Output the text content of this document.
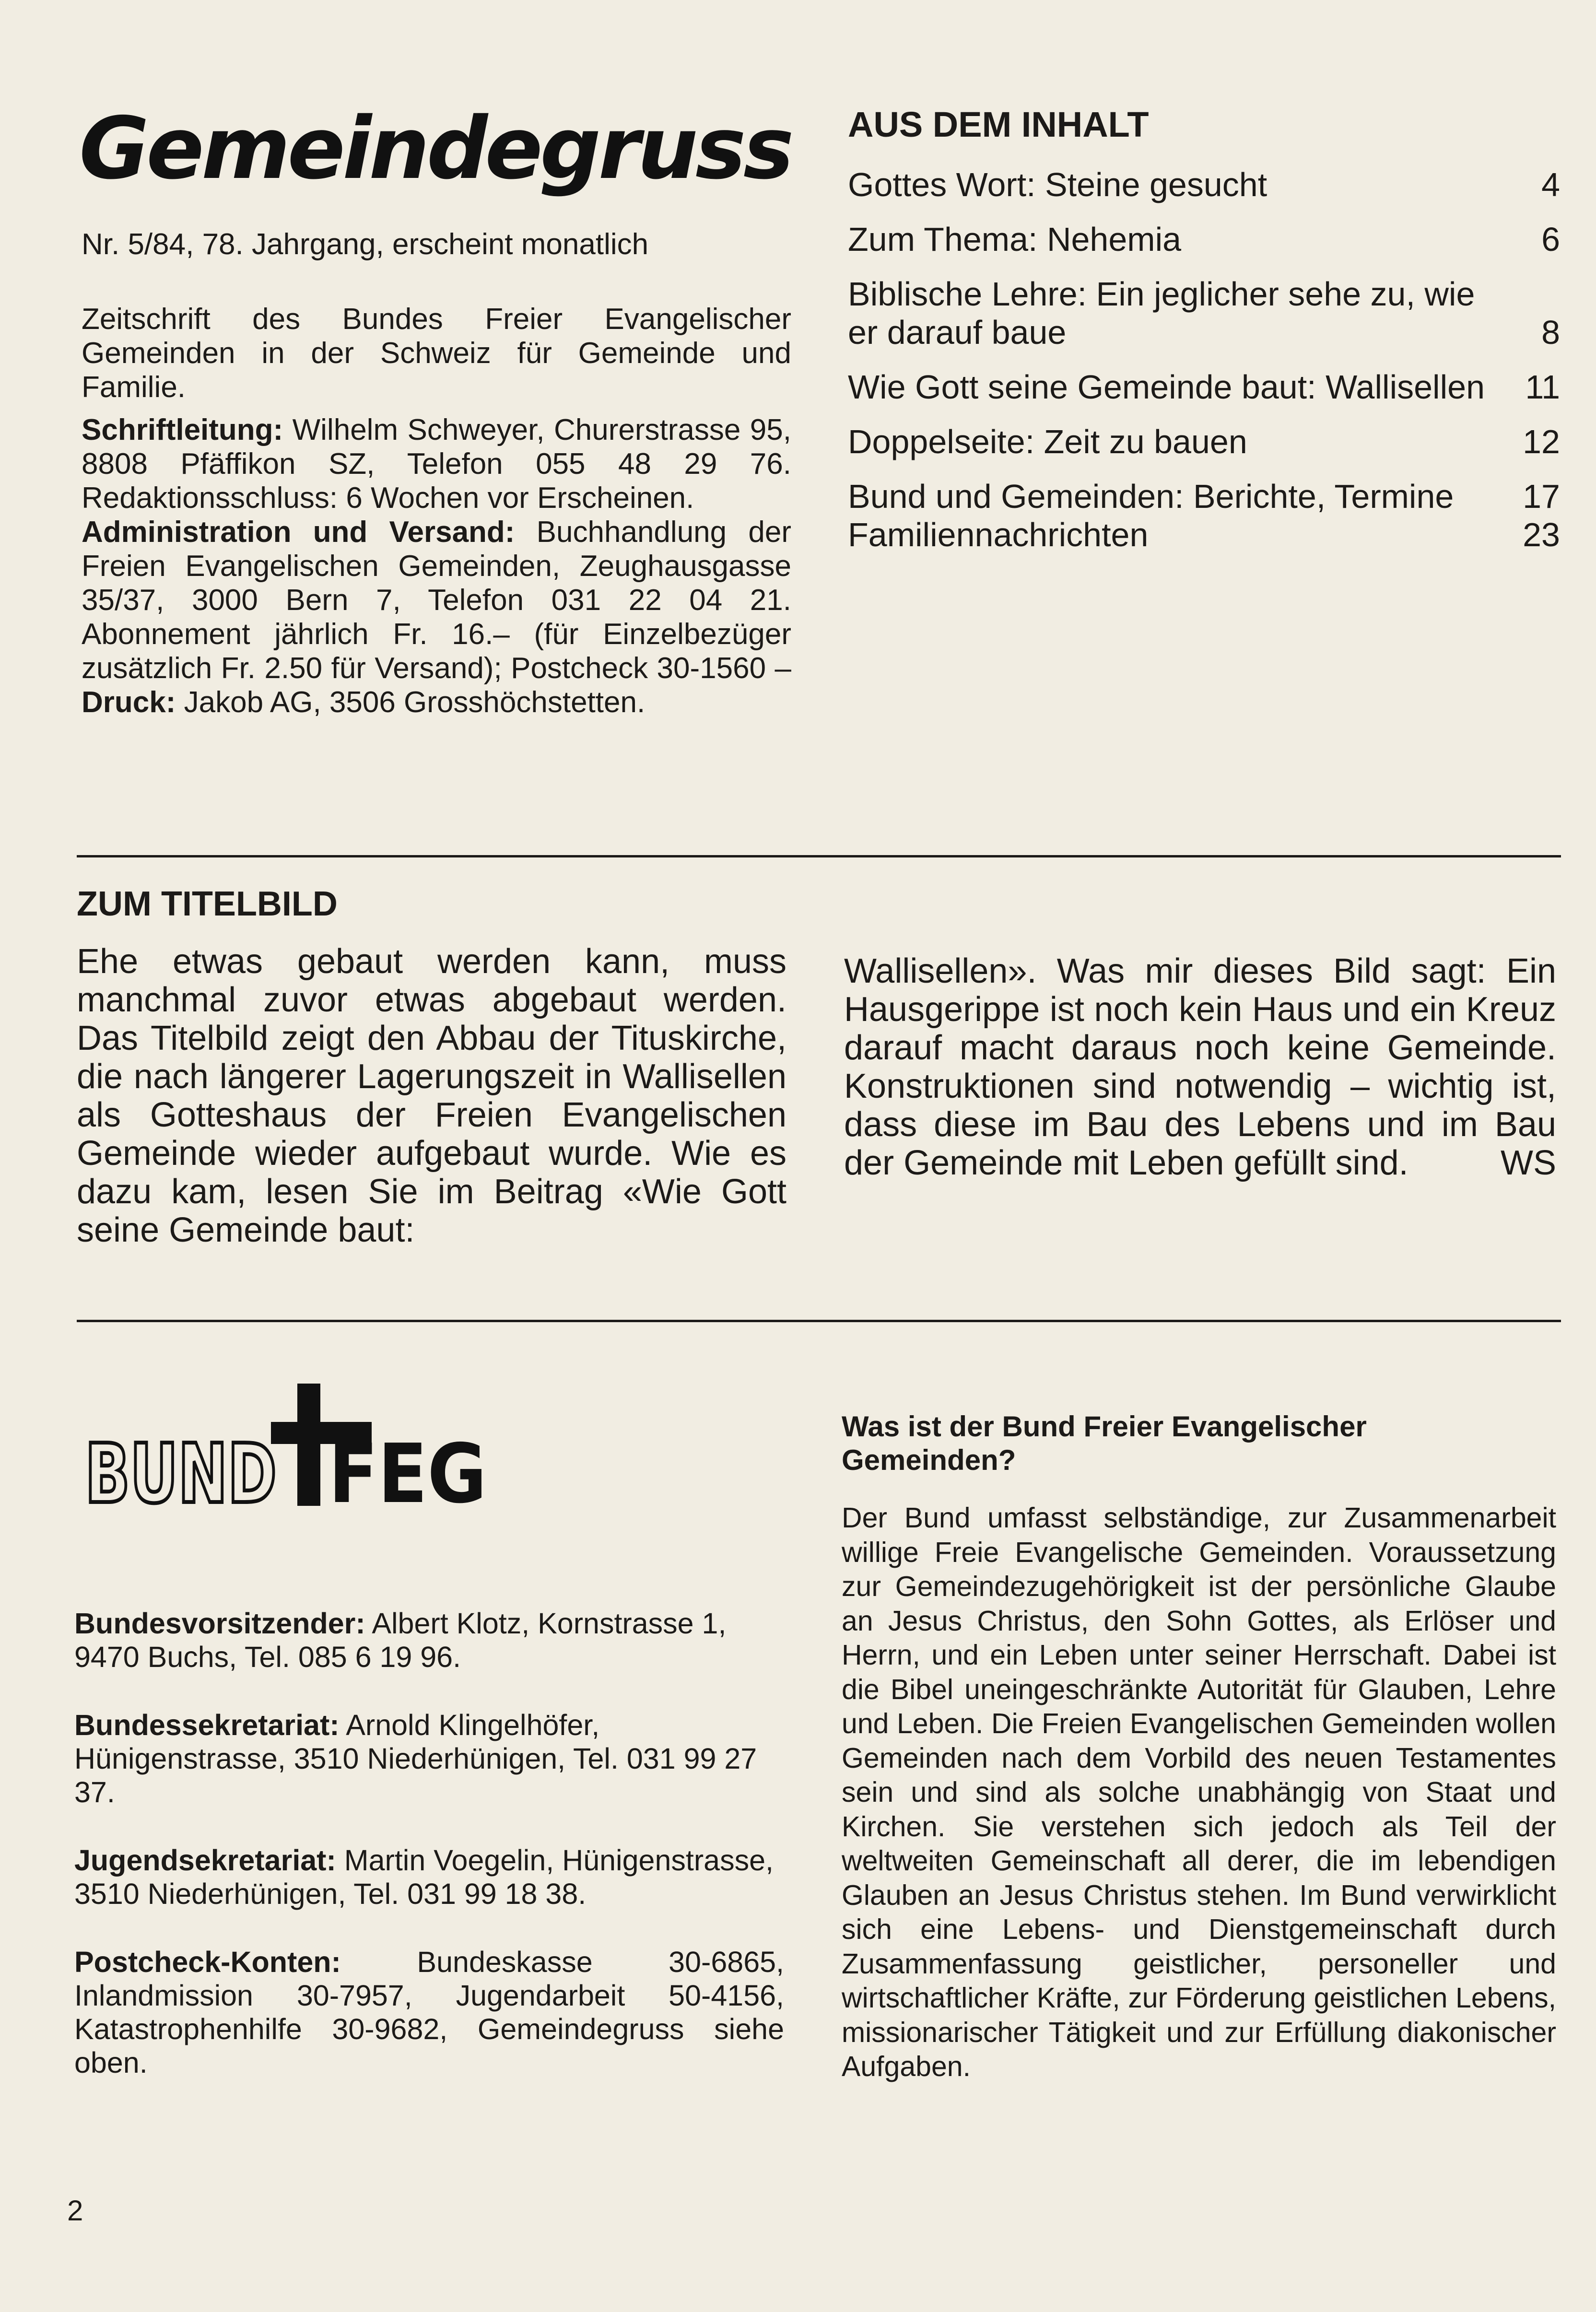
Gemeindegruss
Nr. 5/84, 78. Jahrgang, erscheint monatlich

Zeitschrift des Bundes Freier Evangelischer Gemeinden in der Schweiz für Gemeinde und Familie.

Schriftleitung: Wilhelm Schweyer, Churerstrasse 95, 8808 Pfäffikon SZ, Telefon 055 48 29 76. Redaktionsschluss: 6 Wochen vor Erscheinen.
Administration und Versand: Buchhandlung der Freien Evangelischen Gemeinden, Zeughausgasse 35/37, 3000 Bern 7, Telefon 031 22 04 21. Abonnement jährlich Fr. 16.– (für Einzelbezüger zusätzlich Fr. 2.50 für Versand); Postcheck 30-1560 – Druck: Jakob AG, 3506 Grosshöchstetten.

AUS DEM INHALT
Gottes Wort: Steine gesucht	4
Zum Thema: Nehemia	6
Biblische Lehre: Ein jeglicher sehe zu, wie er darauf baue	8
Wie Gott seine Gemeinde baut: Wallisellen	11
Doppelseite: Zeit zu bauen	12
Bund und Gemeinden: Berichte, Termine	17
Familiennachrichten	23
ZUM TITELBILD
Ehe etwas gebaut werden kann, muss manchmal zuvor etwas abgebaut werden. Das Titelbild zeigt den Abbau der Tituskirche, die nach längerer Lagerungszeit in Wallisellen als Gotteshaus der Freien Evangelischen Gemeinde wieder aufgebaut wurde. Wie es dazu kam, lesen Sie im Beitrag «Wie Gott seine Gemeinde baut:
Wallisellen». Was mir dieses Bild sagt: Ein Hausgerippe ist noch kein Haus und ein Kreuz darauf macht daraus noch keine Gemeinde. Konstruktionen sind notwendig – wichtig ist, dass diese im Bau des Lebens und im Bau der Gemeinde mit Leben gefüllt sind.	WS
BUND FEG

Bundesvorsitzender: Albert Klotz, Kornstrasse 1, 9470 Buchs, Tel. 085 6 19 96.

Bundessekretariat: Arnold Klingelhöfer, Hünigenstrasse, 3510 Niederhünigen, Tel. 031 99 27 37.

Jugendsekretariat: Martin Voegelin, Hünigenstrasse, 3510 Niederhünigen, Tel. 031 99 18 38.

Postcheck-Konten: Bundeskasse 30-6865, Inlandmission 30-7957, Jugendarbeit 50-4156, Katastrophenhilfe 30-9682, Gemeindegruss siehe oben.

Was ist der Bund Freier Evangelischer Gemeinden?
Der Bund umfasst selbständige, zur Zusammenarbeit willige Freie Evangelische Gemeinden. Voraussetzung zur Gemeindezugehörigkeit ist der persönliche Glaube an Jesus Christus, den Sohn Gottes, als Erlöser und Herrn, und ein Leben unter seiner Herrschaft. Dabei ist die Bibel uneingeschränkte Autorität für Glauben, Lehre und Leben. Die Freien Evangelischen Gemeinden wollen Gemeinden nach dem Vorbild des neuen Testamentes sein und sind als solche unabhängig von Staat und Kirchen. Sie verstehen sich jedoch als Teil der weltweiten Gemeinschaft all derer, die im lebendigen Glauben an Jesus Christus stehen. Im Bund verwirklicht sich eine Lebens- und Dienstgemeinschaft durch Zusammenfassung geistlicher, personeller und wirtschaftlicher Kräfte, zur Förderung geistlichen Lebens, missionarischer Tätigkeit und zur Erfüllung diakonischer Aufgaben.
2
